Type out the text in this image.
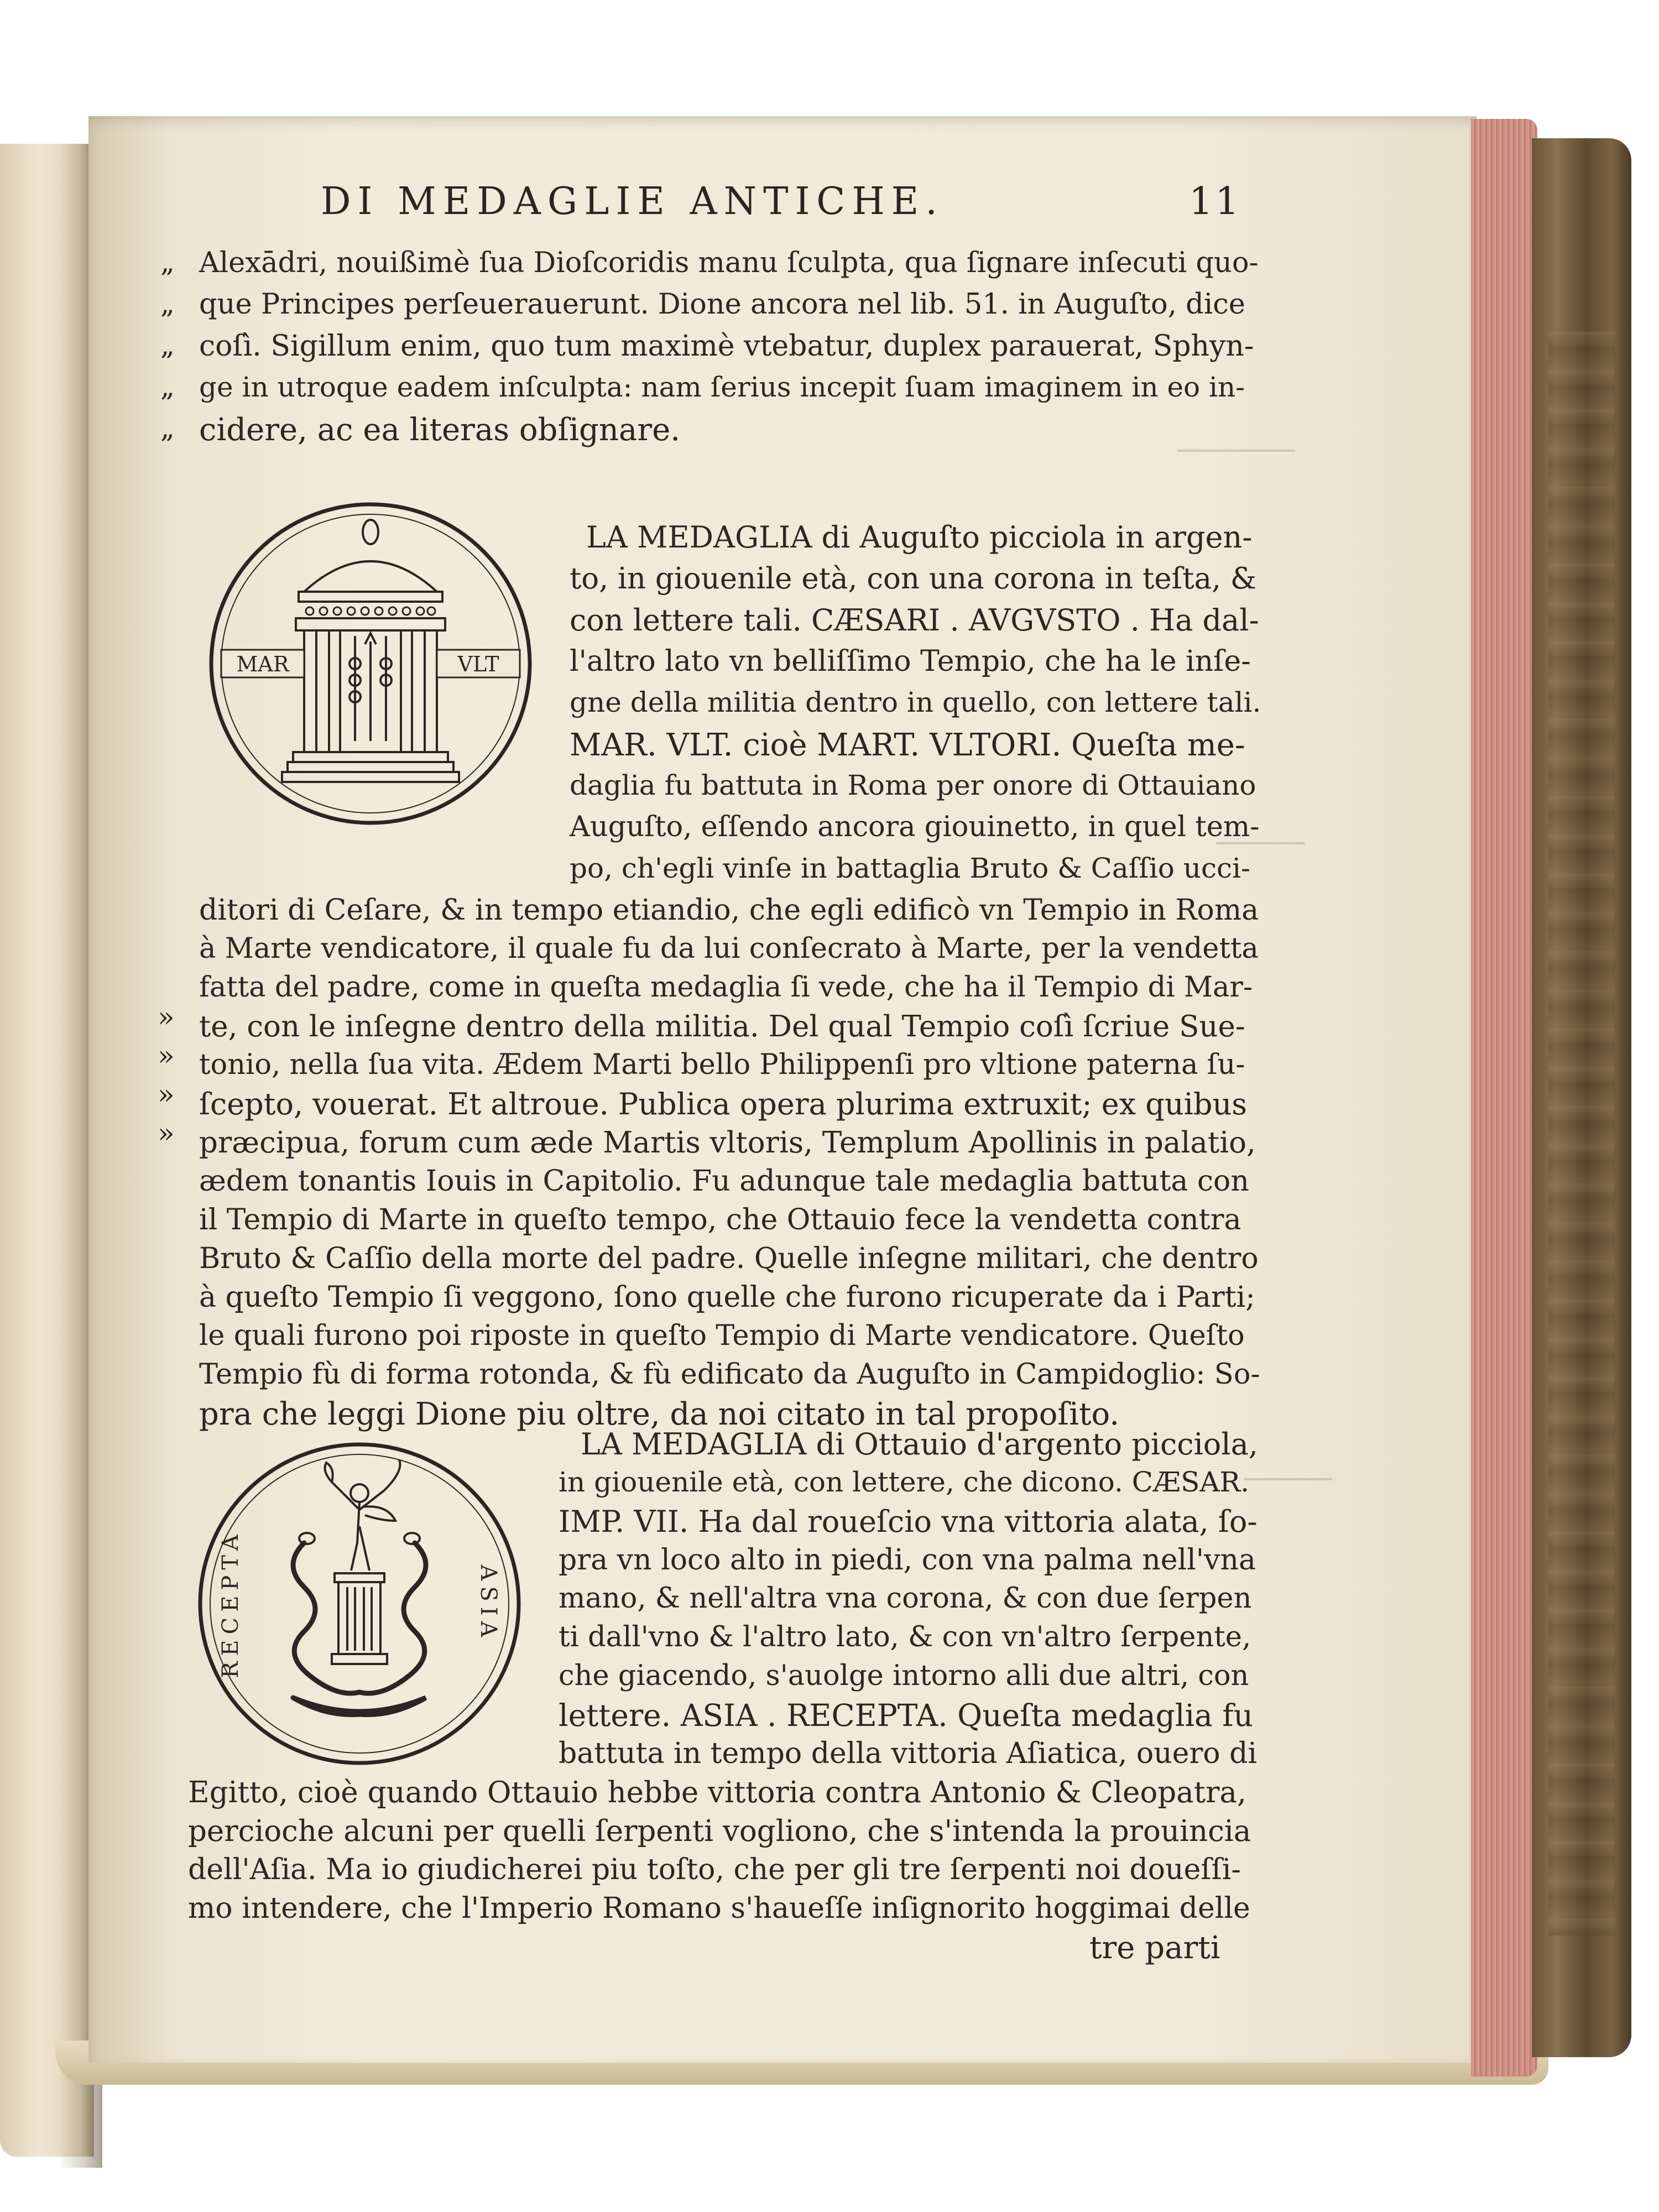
────────
──────
──────
DI MEDAGLIE ANTICHE.	11
„
„
„
„
„
»
»
»
»
Alexādri, nouißimè ſua Dioſcoridis manu ſculpta, qua ſignare inſecuti quo-
que Principes perſeuerauerunt. Dione ancora nel lib. 51. in Auguſto, dice
coſì. Sigillum enim, quo tum maximè vtebatur, duplex parauerat, Sphyn-
ge in utroque eadem inſculpta: nam ſerius incepit ſuam imaginem in eo in-
cidere, ac ea literas obſignare.
MAR	VLT
LA MEDAGLIA di Auguſto picciola in argen-
to, in giouenile età, con una corona in teſta, &
con lettere tali. CÆSARI . AVGVSTO . Ha dal-
l'altro lato vn belliſſimo Tempio, che ha le inſe-
gne della militia dentro in quello, con lettere tali.
MAR. VLT. cioè MART. VLTORI. Queſta me-
daglia fu battuta in Roma per onore di Ottauiano
Auguſto, eſſendo ancora giouinetto, in quel tem-
po, ch'egli vinſe in battaglia Bruto & Caſſio ucci-
ditori di Ceſare, & in tempo etiandio, che egli edificò vn Tempio in Roma
à Marte vendicatore, il quale fu da lui conſecrato à Marte, per la vendetta
fatta del padre, come in queſta medaglia ſi vede, che ha il Tempio di Mar-
te, con le inſegne dentro della militia. Del qual Tempio coſì ſcriue Sue-
tonio, nella ſua vita. Ædem Marti bello Philippenſi pro vltione paterna ſu-
ſcepto, vouerat. Et altroue. Publica opera plurima extruxit; ex quibus
præcipua, forum cum æde Martis vltoris, Templum Apollinis in palatio,
ædem tonantis Iouis in Capitolio. Fu adunque tale medaglia battuta con
il Tempio di Marte in queſto tempo, che Ottauio fece la vendetta contra
Bruto & Caſſio della morte del padre. Quelle inſegne militari, che dentro
à queſto Tempio ſi veggono, ſono quelle che furono ricuperate da i Parti;
le quali furono poi riposte in queſto Tempio di Marte vendicatore. Queſto
Tempio fù di forma rotonda, & fù edificato da Auguſto in Campidoglio: So-
pra che leggi Dione piu oltre, da noi citato in tal propoſito.
RECEPTA	ASIA
LA MEDAGLIA di Ottauio d'argento picciola,
in giouenile età, con lettere, che dicono. CÆSAR.
IMP. VII. Ha dal roueſcio vna vittoria alata, ſo-
pra vn loco alto in piedi, con vna palma nell'vna
mano, & nell'altra vna corona, & con due ſerpen
ti dall'vno & l'altro lato, & con vn'altro ſerpente,
che giacendo, s'auolge intorno alli due altri, con
lettere. ASIA . RECEPTA. Queſta medaglia fu
battuta in tempo della vittoria Aſiatica, ouero di
Egitto, cioè quando Ottauio hebbe vittoria contra Antonio & Cleopatra,
percioche alcuni per quelli ſerpenti vogliono, che s'intenda la prouincia
dell'Aſia. Ma io giudicherei piu toſto, che per gli tre ſerpenti noi doueſſi-
mo intendere, che l'Imperio Romano s'haueſſe inſignorito hoggimai delle
tre parti
